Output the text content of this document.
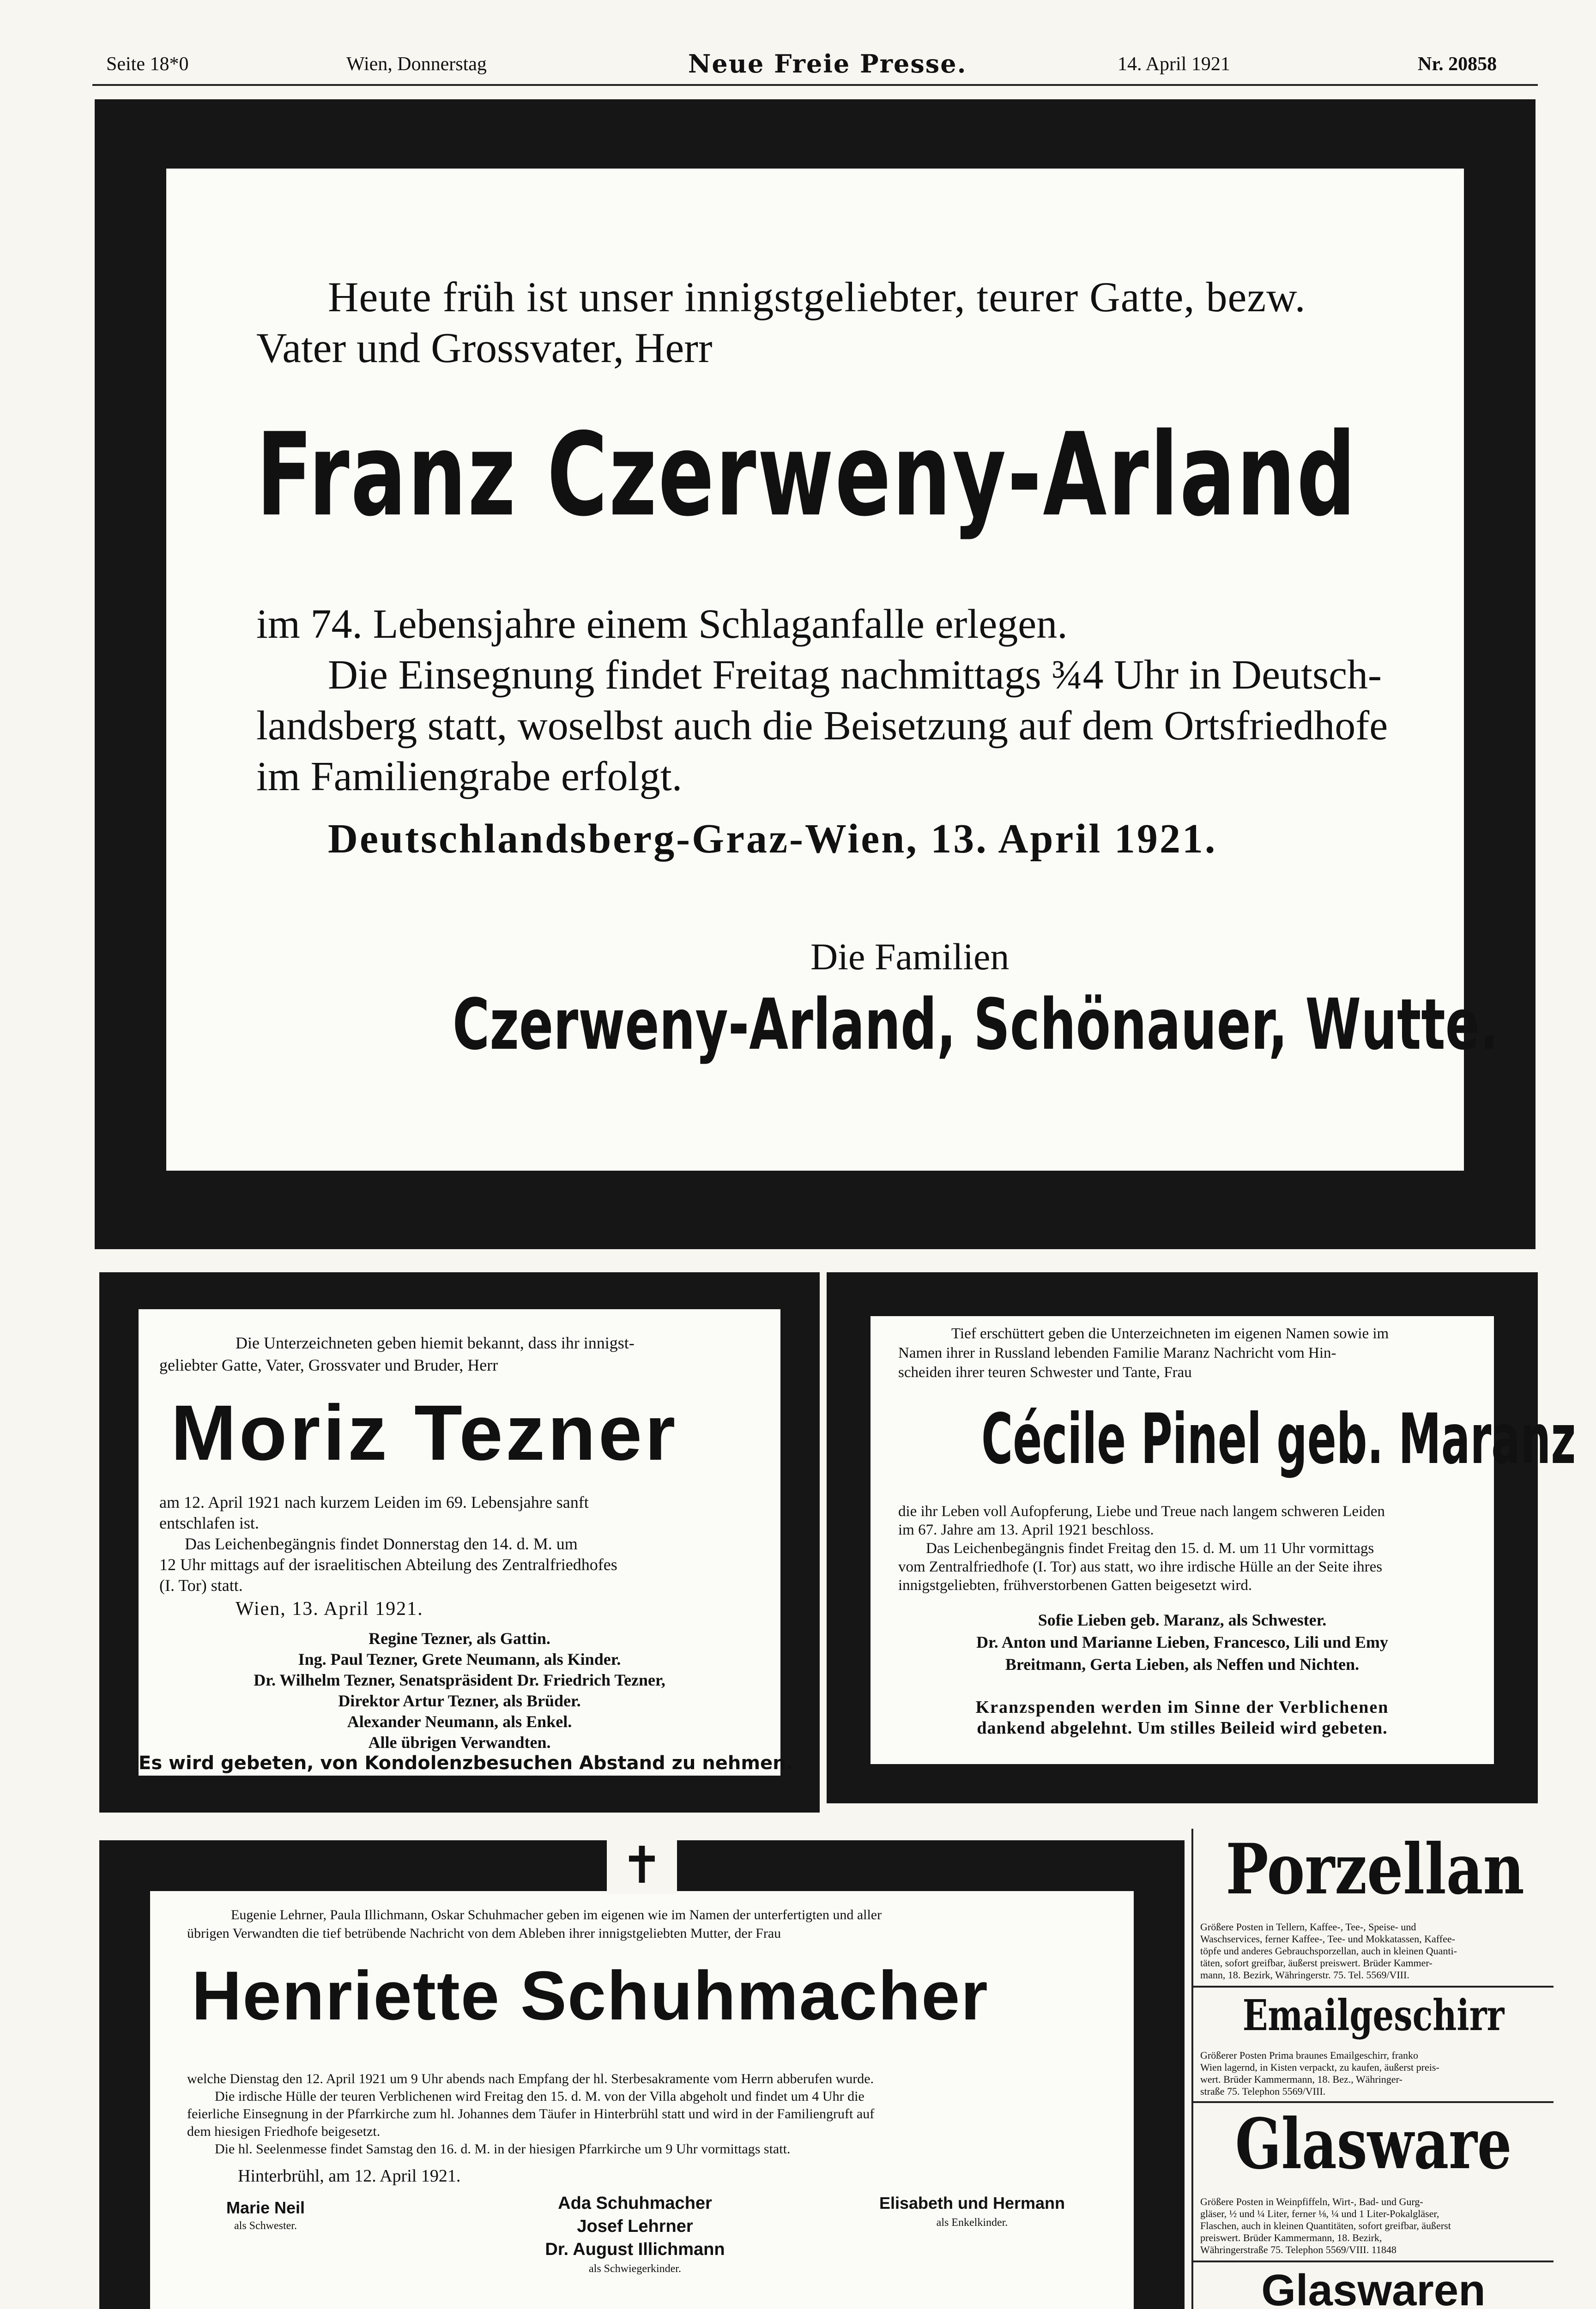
Seite 18*0	Wien, Donnerstag	Neue Freie Presse.	14. April 1921	Nr. 20858
Heute früh ist unser innigstgeliebter, teurer Gatte, bezw.
Vater und Grossvater, Herr
Franz Czerweny-Arland
im 74. Lebensjahre einem Schlaganfalle erlegen.
Die Einsegnung findet Freitag nachmittags ¾4 Uhr in Deutsch-
landsberg statt, woselbst auch die Beisetzung auf dem Ortsfriedhofe
im Familiengrabe erfolgt.
Deutschlandsberg-Graz-Wien, 13. April 1921.
Die Familien
Czerweny-Arland, Schönauer, Wutte.
Die Unterzeichneten geben hiemit bekannt, dass ihr innigst-
geliebter Gatte, Vater, Grossvater und Bruder, Herr
Moriz Tezner
am 12. April 1921 nach kurzem Leiden im 69. Lebensjahre sanft
entschlafen ist.
Das Leichenbegängnis findet Donnerstag den 14. d. M. um
12 Uhr mittags auf der israelitischen Abteilung des Zentralfriedhofes
(I. Tor) statt.
Wien, 13. April 1921.
Regine Tezner, als Gattin.
Ing. Paul Tezner, Grete Neumann, als Kinder.
Dr. Wilhelm Tezner, Senatspräsident Dr. Friedrich Tezner,
Direktor Artur Tezner, als Brüder.
Alexander Neumann, als Enkel.
Alle übrigen Verwandten.
Es wird gebeten, von Kondolenzbesuchen Abstand zu nehmen.
Tief erschüttert geben die Unterzeichneten im eigenen Namen sowie im
Namen ihrer in Russland lebenden Familie Maranz Nachricht vom Hin-
scheiden ihrer teuren Schwester und Tante, Frau
Cécile Pinel geb. Maranz
die ihr Leben voll Aufopferung, Liebe und Treue nach langem schweren Leiden
im 67. Jahre am 13. April 1921 beschloss.
Das Leichenbegängnis findet Freitag den 15. d. M. um 11 Uhr vormittags
vom Zentralfriedhofe (I. Tor) aus statt, wo ihre irdische Hülle an der Seite ihres
innigstgeliebten, frühverstorbenen Gatten beigesetzt wird.
Sofie Lieben geb. Maranz, als Schwester.
Dr. Anton und Marianne Lieben, Francesco, Lili und Emy
Breitmann, Gerta Lieben, als Neffen und Nichten.
Kranzspenden werden im Sinne der Verblichenen
dankend abgelehnt. Um stilles Beileid wird gebeten.
Eugenie Lehrner, Paula Illichmann, Oskar Schuhmacher geben im eigenen wie im Namen der unterfertigten und aller
übrigen Verwandten die tief betrübende Nachricht von dem Ableben ihrer innigstgeliebten Mutter, der Frau
Henriette Schuhmacher
welche Dienstag den 12. April 1921 um 9 Uhr abends nach Empfang der hl. Sterbesakramente vom Herrn abberufen wurde.
Die irdische Hülle der teuren Verblichenen wird Freitag den 15. d. M. von der Villa abgeholt und findet um 4 Uhr die
feierliche Einsegnung in der Pfarrkirche zum hl. Johannes dem Täufer in Hinterbrühl statt und wird in der Familiengruft auf
dem hiesigen Friedhofe beigesetzt.
Die hl. Seelenmesse findet Samstag den 16. d. M. in der hiesigen Pfarrkirche um 9 Uhr vormittags statt.
Hinterbrühl, am 12. April 1921.
Marie Neil
als Schwester.
Ada Schuhmacher
Josef Lehrner
Dr. August Illichmann
als Schwiegerkinder.
Elisabeth und Hermann
als Enkelkinder.
✝	Porzellan
Größere Posten in Tellern, Kaffee-, Tee-, Speise- und
Waschservices, ferner Kaffee-, Tee- und Mokkatassen, Kaffee-
töpfe und anderes Gebrauchsporzellan, auch in kleinen Quanti-
täten, sofort greifbar, äußerst preiswert. Brüder Kammer-
mann, 18. Bezirk, Währingerstr. 75. Tel. 5569/VIII.
Emailgeschirr
Größerer Posten Prima braunes Emailgeschirr, franko
Wien lagernd, in Kisten verpackt, zu kaufen, äußerst preis-
wert. Brüder Kammermann, 18. Bez., Währinger-
straße 75. Telephon 5569/VIII.
Glasware
Größere Posten in Weinpfiffeln, Wirt-, Bad- und Gurg-
gläser, ½ und ¼ Liter, ferner ⅛, ¼ und 1 Liter-Pokalgläser,
Flaschen, auch in kleinen Quantitäten, sofort greifbar, äußerst
preiswert. Brüder Kammermann, 18. Bezirk,
Währingerstraße 75. Telephon 5569/VIII. 11848
Glaswaren
